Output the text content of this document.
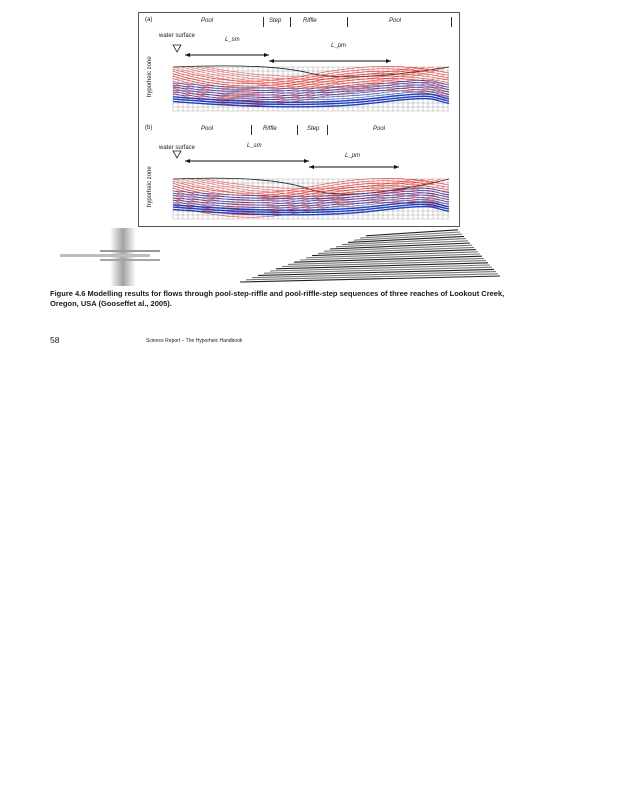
(a)	Pool	Step	Riffle	Pool
water surface
L_sm
L_pm
hyporheic zone
(b)	Pool	Riffle	Step	Pool
water surface	L_sm
L_pm
hyporheic zone

Figure 4.6 Modelling results for flows through pool-step-riffle and pool-riffle-step sequences of three reaches of Lookout Creek,
Oregon, USA (Gooseffet al., 2005).

58	Science Report – The Hyporheic Handbook
